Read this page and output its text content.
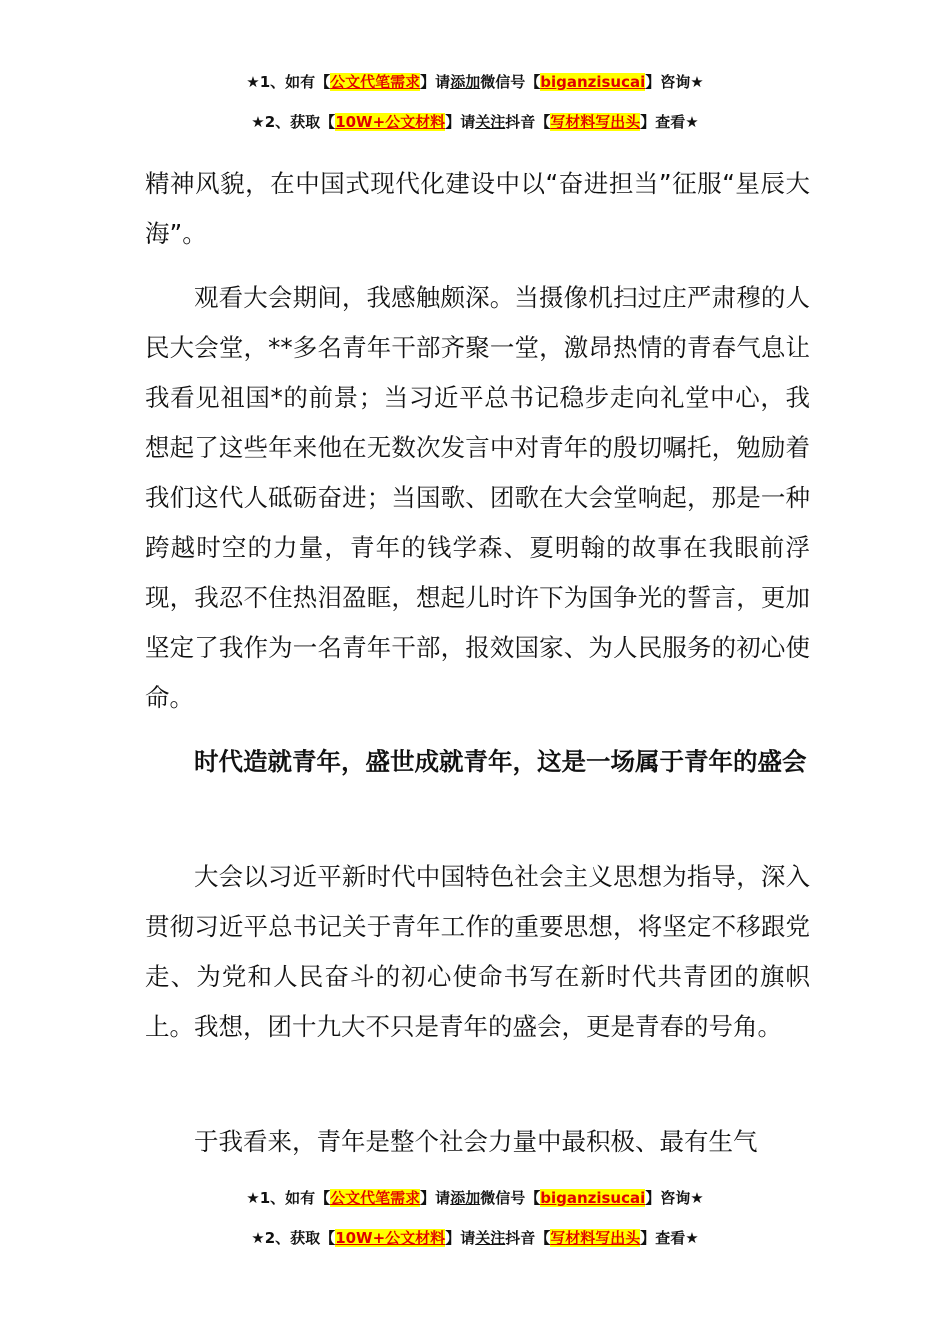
★1、如有【公文代笔需求】请添加微信号【biganzisucai】咨询★
★2、获取【10W+公文材料】请关注抖音【写材料写出头】查看★

精神风貌，在中国式现代化建设中以“奋进担当”征服“星辰大海”。

观看大会期间，我感触颇深。当摄像机扫过庄严肃穆的人民大会堂，**多名青年干部齐聚一堂，激昂热情的青春气息让我看见祖国*的前景；当习近平总书记稳步走向礼堂中心，我想起了这些年来他在无数次发言中对青年的殷切嘱托，勉励着我们这代人砥砺奋进；当国歌、团歌在大会堂响起，那是一种跨越时空的力量，青年的钱学森、夏明翰的故事在我眼前浮现，我忍不住热泪盈眶，想起儿时许下为国争光的誓言，更加坚定了我作为一名青年干部，报效国家、为人民服务的初心使命。

时代造就青年，盛世成就青年，这是一场属于青年的盛会

大会以习近平新时代中国特色社会主义思想为指导，深入贯彻习近平总书记关于青年工作的重要思想，将坚定不移跟党走、为党和人民奋斗的初心使命书写在新时代共青团的旗帜上。我想，团十九大不只是青年的盛会，更是青春的号角。

于我看来，青年是整个社会力量中最积极、最有生气

★1、如有【公文代笔需求】请添加微信号【biganzisucai】咨询★
★2、获取【10W+公文材料】请关注抖音【写材料写出头】查看★
